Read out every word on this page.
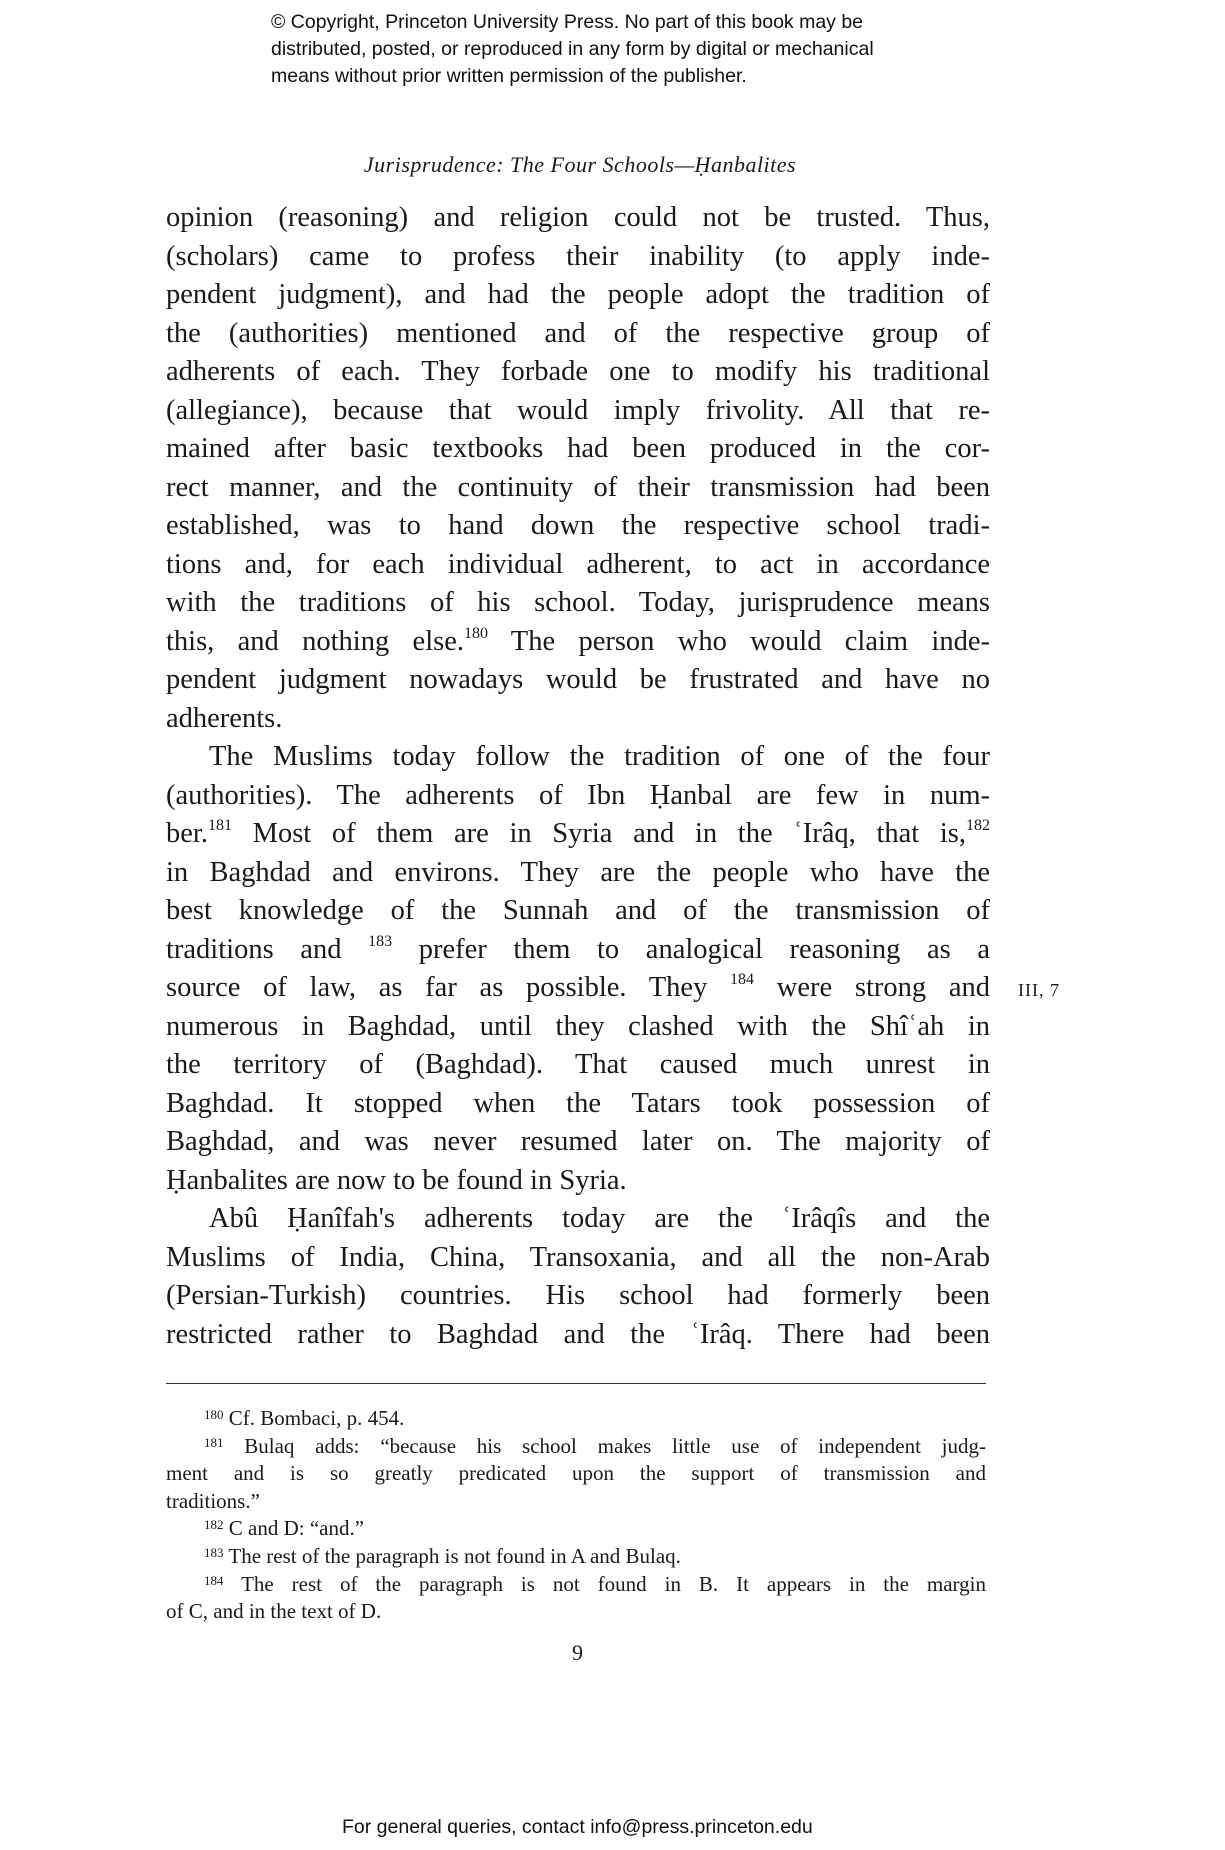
© Copyright, Princeton University Press. No part of this book may be
distributed, posted, or reproduced in any form by digital or mechanical
means without prior written permission of the publisher.
Jurisprudence: The Four Schools—Ḥanbalites
opinion (reasoning) and religion could not be trusted. Thus,
(scholars) came to profess their inability (to apply inde-
pendent judgment), and had the people adopt the tradition of
the (authorities) mentioned and of the respective group of
adherents of each. They forbade one to modify his traditional
(allegiance), because that would imply frivolity. All that re-
mained after basic textbooks had been produced in the cor-
rect manner, and the continuity of their transmission had been
established, was to hand down the respective school tradi-
tions and, for each individual adherent, to act in accordance
with the traditions of his school. Today, jurisprudence means
this, and nothing else.$^{180}$ The person who would claim inde-
pendent judgment nowadays would be frustrated and have no
adherents.
The Muslims today follow the tradition of one of the four
(authorities). The adherents of Ibn Ḥanbal are few in num-
ber.$^{181}$ Most of them are in Syria and in the ʿIrâq, that is,$^{182}$
in Baghdad and environs. They are the people who have the
best knowledge of the Sunnah and of the transmission of
traditions and $^{183}$ prefer them to analogical reasoning as a
source of law, as far as possible. They $^{184}$ were strong and
numerous in Baghdad, until they clashed with the Shîʿah in
the territory of (Baghdad). That caused much unrest in
Baghdad. It stopped when the Tatars took possession of
Baghdad, and was never resumed later on. The majority of
Ḥanbalites are now to be found in Syria.
Abû Ḥanîfah's adherents today are the ʿIrâqîs and the
Muslims of India, China, Transoxania, and all the non-Arab
(Persian-Turkish) countries. His school had formerly been
restricted rather to Baghdad and the ʿIrâq. There had been
III, 7
$^{180}$ Cf. Bombaci, p. 454.
$^{181}$ Bulaq adds: “because his school makes little use of independent judg-
ment and is so greatly predicated upon the support of transmission and
traditions.”
$^{182}$ C and D: “and.”
$^{183}$ The rest of the paragraph is not found in A and Bulaq.
$^{184}$ The rest of the paragraph is not found in B. It appears in the margin
of C, and in the text of D.
9
For general queries, contact info@press.princeton.edu
